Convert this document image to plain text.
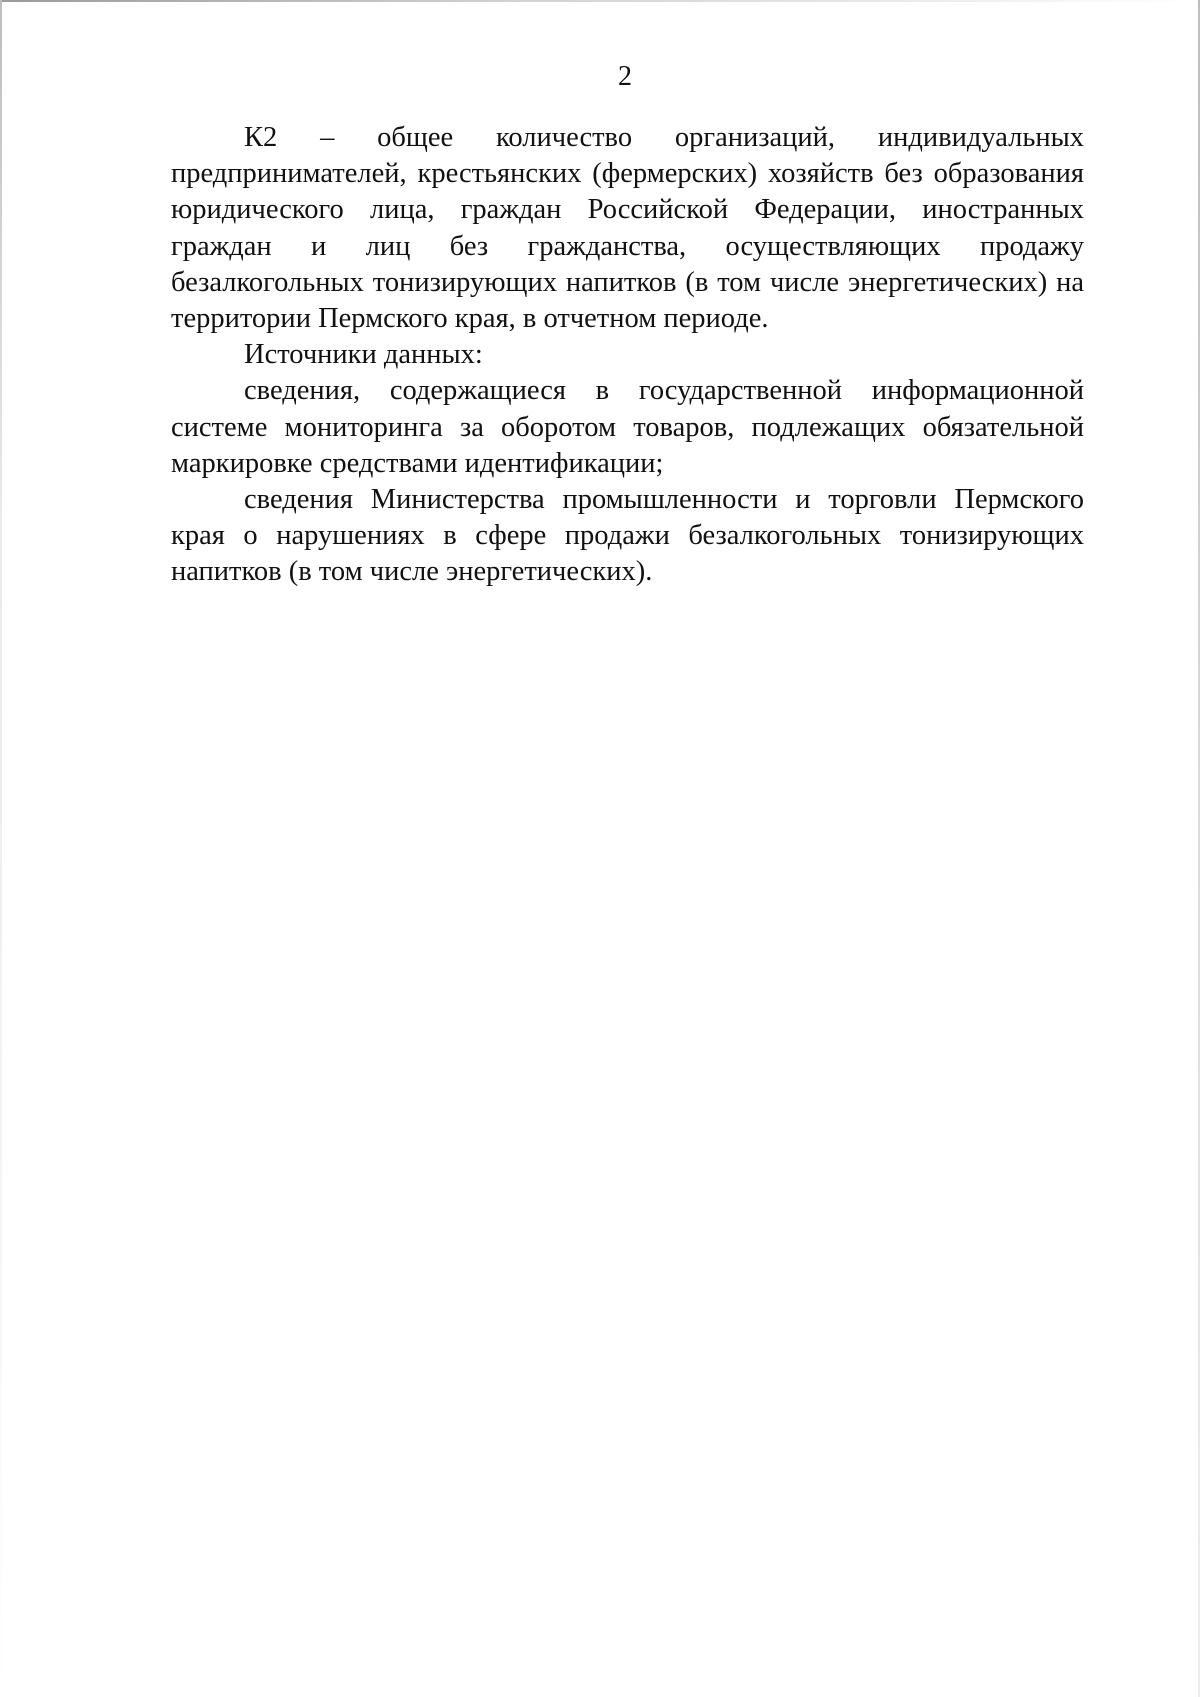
2

К2 – общее количество организаций, индивидуальных предпринимателей, крестьянских (фермерских) хозяйств без образования юридического лица, граждан Российской Федерации, иностранных граждан и лиц без гражданства, осуществляющих продажу безалкогольных тонизирующих напитков (в том числе энергетических) на территории Пермского края, в отчетном периоде.

Источники данных:

сведения, содержащиеся в государственной информационной системе мониторинга за оборотом товаров, подлежащих обязательной маркировке средствами идентификации;

сведения Министерства промышленности и торговли Пермского края о нарушениях в сфере продажи безалкогольных тонизирующих напитков (в том числе энергетических).
